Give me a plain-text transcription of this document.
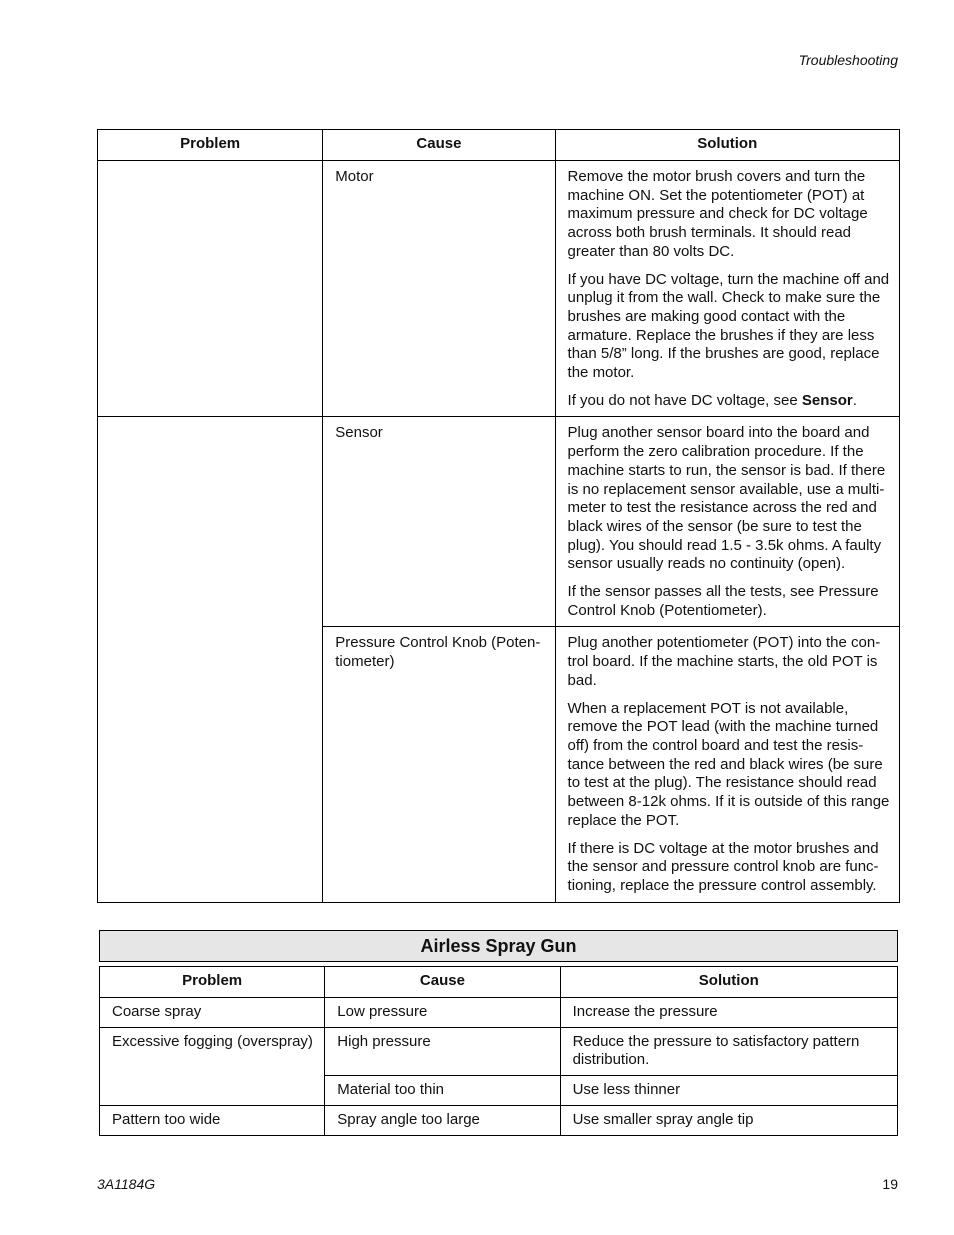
Troubleshooting
Problem	Cause	Solution
	Motor	Remove the motor brush covers and turn the machine ON. Set the potentiometer (POT) at maximum pressure and check for DC voltage across both brush terminals. It should read greater than 80 volts DC.

If you have DC voltage, turn the machine off and unplug it from the wall. Check to make sure the brushes are making good contact with the armature. Replace the brushes if they are less than 5/8” long. If the brushes are good, replace the motor.

If you do not have DC voltage, see Sensor.

	Sensor	Plug another sensor board into the board and perform the zero calibration procedure. If the machine starts to run, the sensor is bad. If there is no replacement sensor available, use a multi-meter to test the resistance across the red and black wires of the sensor (be sure to test the plug). You should read 1.5 - 3.5k ohms. A faulty sensor usually reads no continuity (open).

If the sensor passes all the tests, see Pressure Control Knob (Potentiometer).

	Pressure Control Knob (Poten-tiometer)	Plug another potentiometer (POT) into the con-trol board. If the machine starts, the old POT is bad.

When a replacement POT is not available, remove the POT lead (with the machine turned off) from the control board and test the resis-tance between the red and black wires (be sure to test at the plug). The resistance should read between 8-12k ohms. If it is outside of this range replace the POT.

If there is DC voltage at the motor brushes and the sensor and pressure control knob are func-tioning, replace the pressure control assembly.

Airless Spray Gun
Problem	Cause	Solution
Coarse spray	Low pressure	Increase the pressure
Excessive fogging (overspray)	High pressure	Reduce the pressure to satisfactory pattern distribution.
	Material too thin	Use less thinner
Pattern too wide	Spray angle too large	Use smaller spray angle tip
3A1184G	19
